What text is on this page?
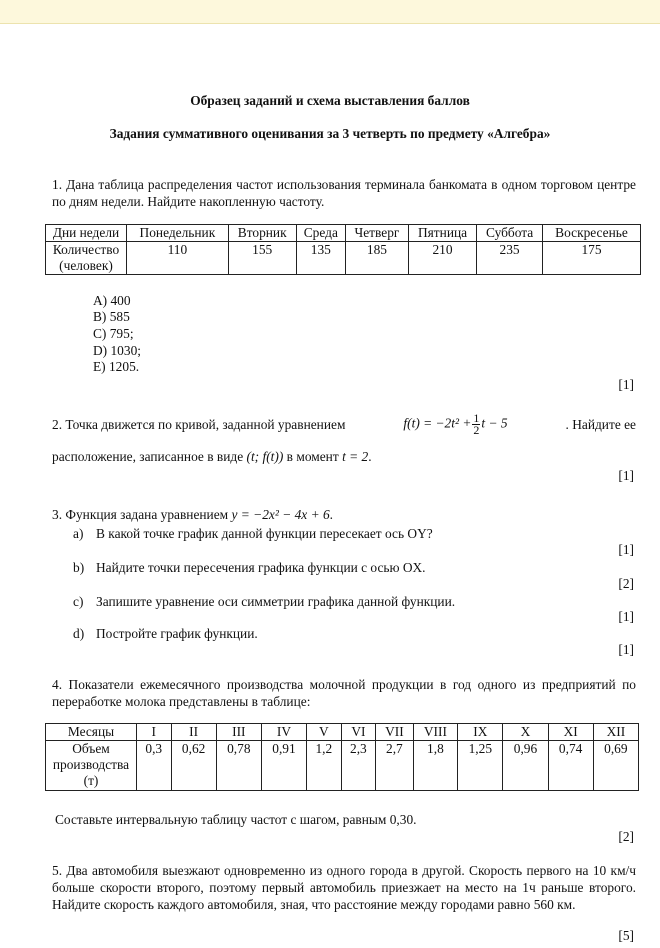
Образец заданий и схема выставления баллов
Задания суммативного оценивания за 3 четверть по предмету «Алгебра»
1. Дана таблица распределения частот использования терминала банкомата в одном торговом центре по дням недели. Найдите накопленную частоту.
Дни недели	Понедельник	Вторник	Среда	Четверг	Пятница	Суббота	Воскресенье
Количество (человек)	110	155	135	185	210	235	175
A) 400
B) 585
C) 795;
D) 1030;
E) 1205.
[1]
2. Точка движется по кривой, заданной уравнением	$f(t) = -2t^2 + \frac{1}{2}$ t − 5	. Найдите ее
расположение, записанное в виде (t; f(t)) в момент t = 2.
[1]
3. Функция задана уравнением y = −2x² − 4x + 6.
a) В какой точке график данной функции пересекает ось OY?
[1]
b) Найдите точки пересечения графика функции с осью OX.
[2]
c) Запишите уравнение оси симметрии графика данной функции.
[1]
d) Постройте график функции.
[1]
4. Показатели ежемесячного производства молочной продукции в год одного из предприятий по переработке молока представлены в таблице:
Месяцы	I	II	III	IV	V	VI	VII	VIII	IX	X	XI	XII
Объем производства (т)	0,3	0,62	0,78	0,91	1,2	2,3	2,7	1,8	1,25	0,96	0,74	0,69
Составьте интервальную таблицу частот с шагом, равным 0,30.
[2]
5. Два автомобиля выезжают одновременно из одного города в другой. Скорость первого на 10 км/ч больше скорости второго, поэтому первый автомобиль приезжает на место на 1ч раньше второго. Найдите скорость каждого автомобиля, зная, что расстояние между городами равно 560 км.
[5]
